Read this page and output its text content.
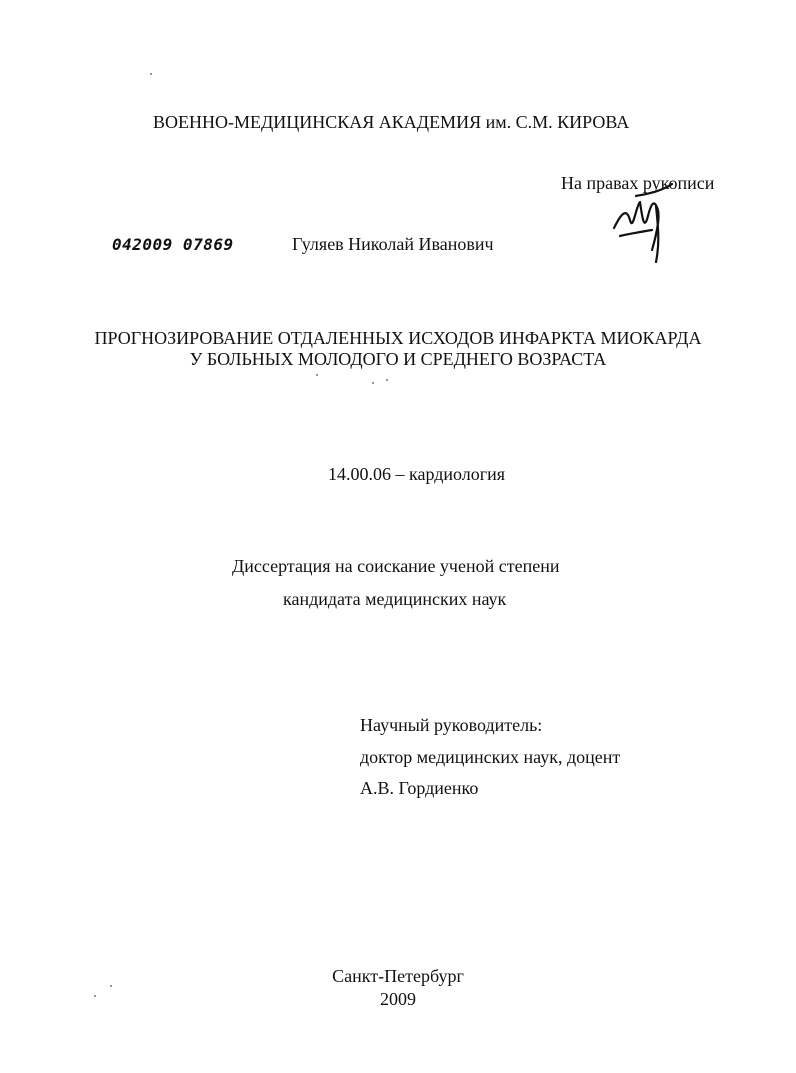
ВОЕННО-МЕДИЦИНСКАЯ АКАДЕМИЯ им. С.М. КИРОВА
На правах рукописи
042009 07869	Гуляев Николай Иванович
ПРОГНОЗИРОВАНИЕ ОТДАЛЕННЫХ ИСХОДОВ ИНФАРКТА МИОКАРДА
У БОЛЬНЫХ МОЛОДОГО И СРЕДНЕГО ВОЗРАСТА
14.00.06 – кардиология
Диссертация на соискание ученой степени
кандидата медицинских наук
Научный руководитель:
доктор медицинских наук, доцент
А.В. Гордиенко
Санкт-Петербург
2009
